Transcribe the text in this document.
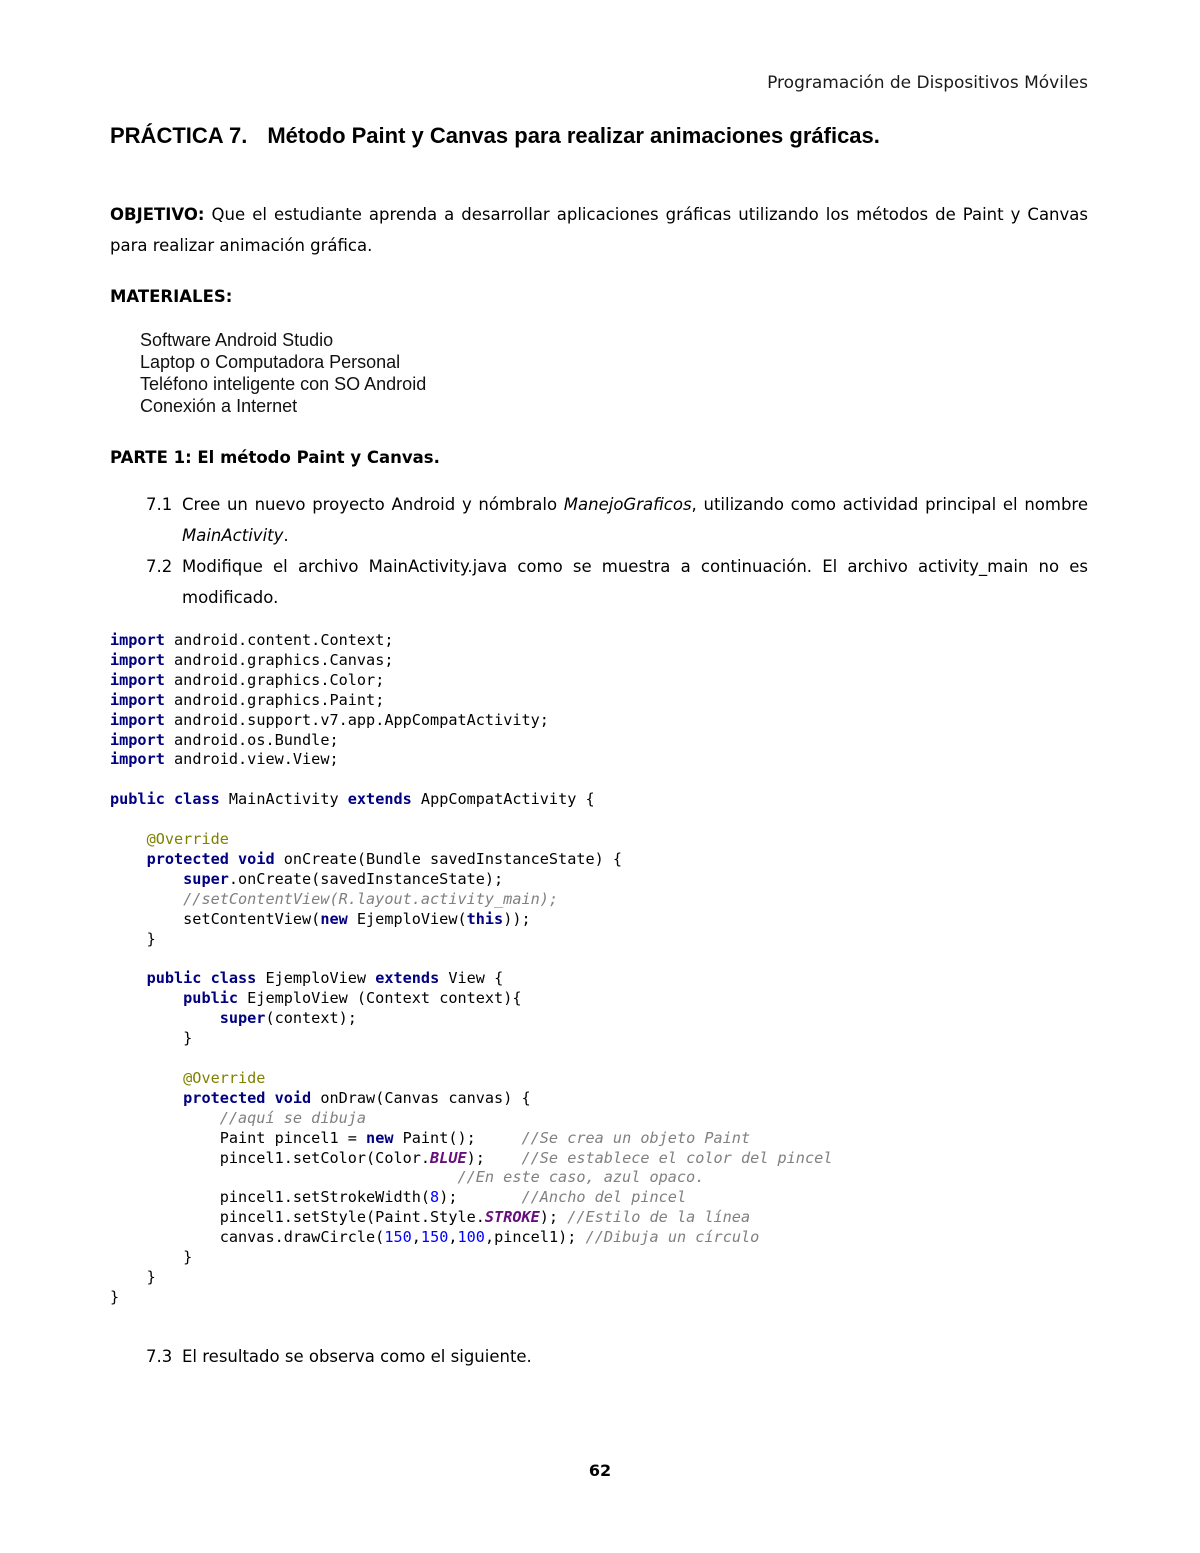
Programación de Dispositivos Móviles
PRÁCTICA 7. Método Paint y Canvas para realizar animaciones gráficas.
OBJETIVO: Que el estudiante aprenda a desarrollar aplicaciones gráficas utilizando los métodos de Paint y Canvas para realizar animación gráfica.
MATERIALES:
Software Android Studio
Laptop o Computadora Personal
Teléfono inteligente con SO Android
Conexión a Internet
PARTE 1: El método Paint y Canvas.
7.1 Cree un nuevo proyecto Android y nómbralo ManejoGraficos, utilizando como actividad principal el nombre MainActivity.
7.2 Modifique el archivo MainActivity.java como se muestra a continuación. El archivo activity_main no es modificado.
import android.content.Context;
import android.graphics.Canvas;
import android.graphics.Color;
import android.graphics.Paint;
import android.support.v7.app.AppCompatActivity;
import android.os.Bundle;
import android.view.View;

public class MainActivity extends AppCompatActivity {

@Override
protected void onCreate(Bundle savedInstanceState) {
super.onCreate(savedInstanceState);
//setContentView(R.layout.activity_main);
setContentView(new EjemploView(this));
}

public class EjemploView extends View {
public EjemploView (Context context){
super(context);
}

@Override
protected void onDraw(Canvas canvas) {
//aquí se dibuja
Paint pincel1 = new Paint();     //Se crea un objeto Paint
pincel1.setColor(Color.BLUE);    //Se establece el color del pincel
//En este caso, azul opaco.
pincel1.setStrokeWidth(8);       //Ancho del pincel
pincel1.setStyle(Paint.Style.STROKE); //Estilo de la línea
canvas.drawCircle(150,150,100,pincel1); //Dibuja un círculo
}
}
}
7.3 El resultado se observa como el siguiente.
62
